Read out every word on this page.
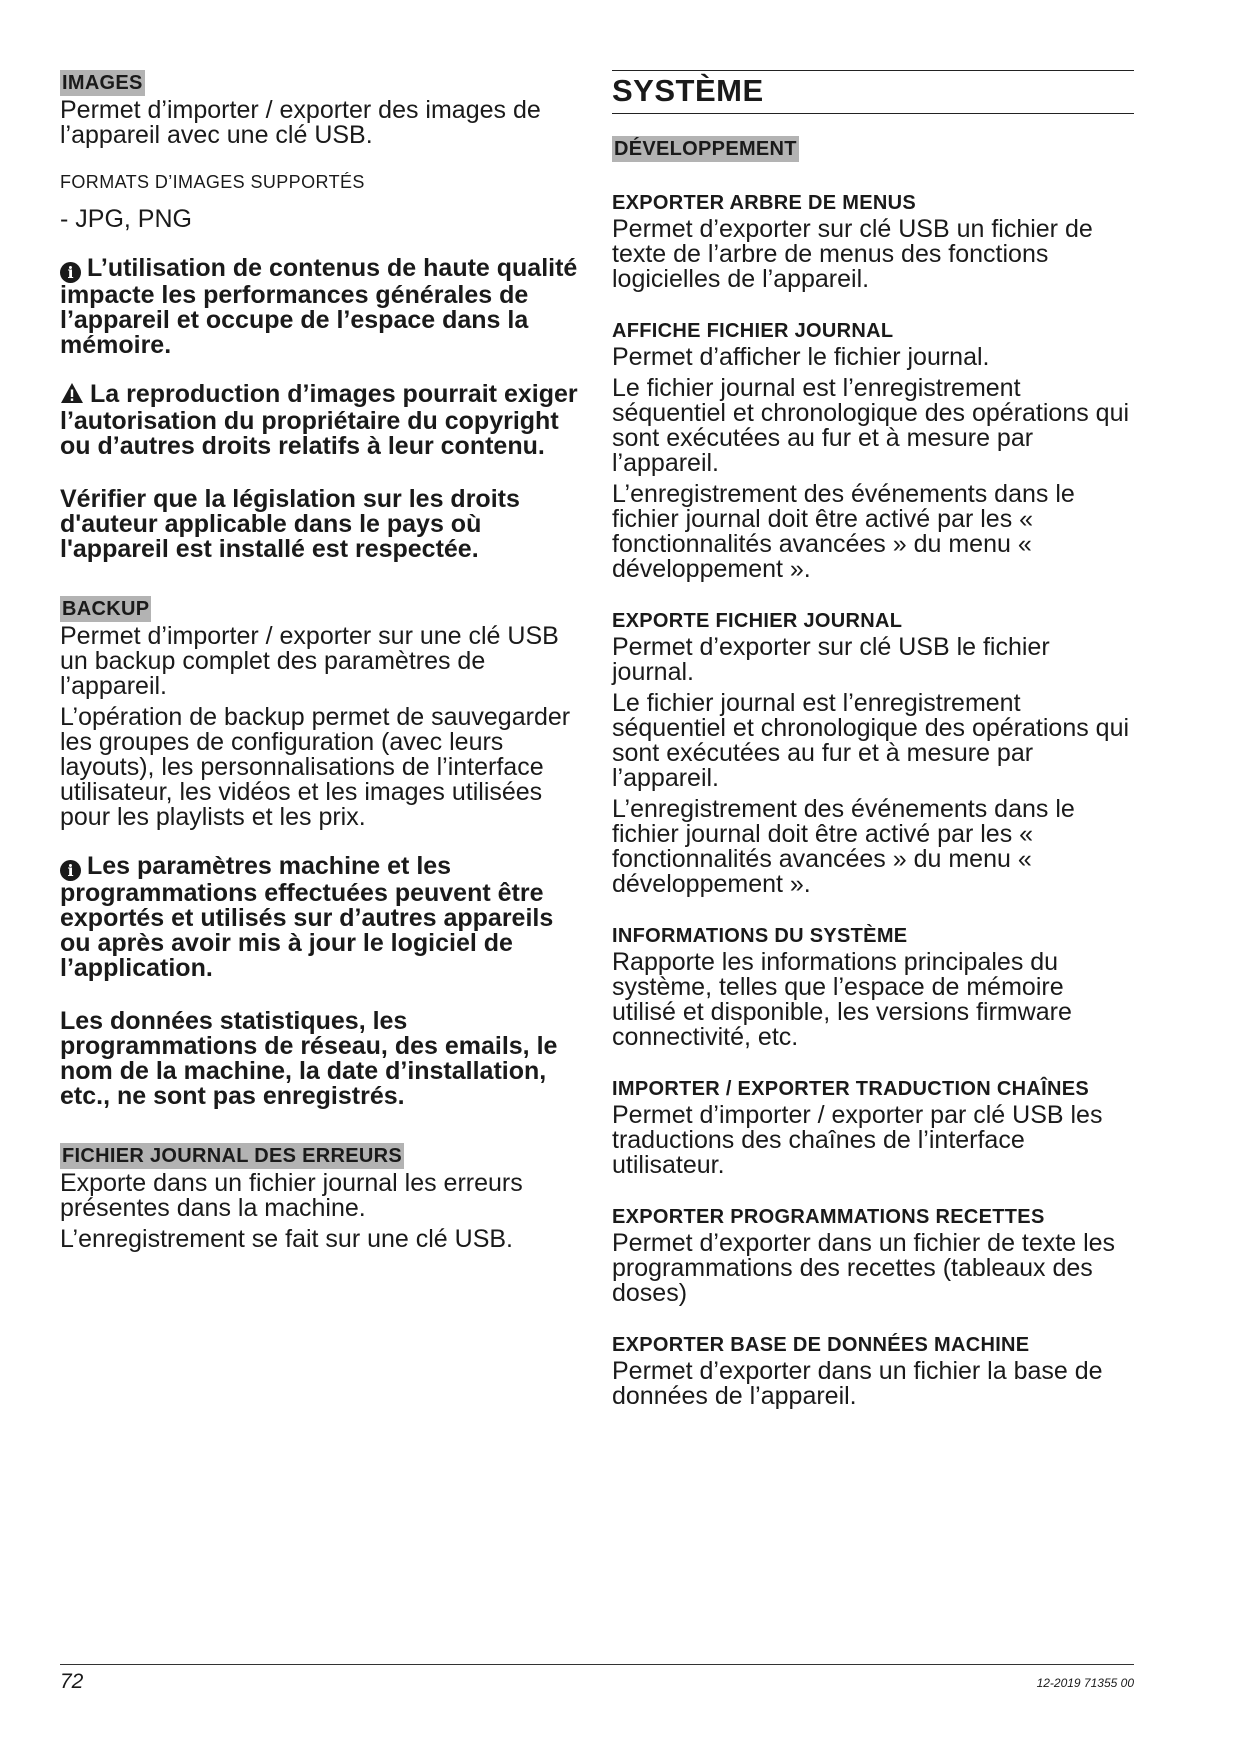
IMAGES

Permet d’importer / exporter des images de l’appareil avec une clé USB.

FORMATS D’IMAGES SUPPORTÉS

- JPG, PNG

i L’utilisation de contenus de haute qualité impacte les performances générales de l’appareil et occupe de l’espace dans la mémoire.
La reproduction d’images pourrait exiger l’autorisation du propriétaire du copyright ou d’autres droits relatifs à leur contenu.

Vérifier que la législation sur les droits d'auteur applicable dans le pays où l'appareil est installé est respectée.

BACKUP

Permet d’importer / exporter sur une clé USB un backup complet des paramètres de l’appareil.

L’opération de backup permet de sauvegarder les groupes de configuration (avec leurs layouts), les personnalisations de l’interface utilisateur, les vidéos et les images utilisées pour les playlists et les prix.

i Les paramètres machine et les programmations effectuées peuvent être exportés et utilisés sur d’autres appareils ou après avoir mis à jour le logiciel de l’application.

Les données statistiques, les programmations de réseau, des emails, le nom de la machine, la date d’installation, etc., ne sont pas enregistrés.

FICHIER JOURNAL DES ERREURS

Exporte dans un fichier journal les erreurs présentes dans la machine.

L’enregistrement se fait sur une clé USB.

SYSTÈME
DÉVELOPPEMENT
EXPORTER ARBRE DE MENUS

Permet d’exporter sur clé USB un fichier de texte de l’arbre de menus des fonctions logicielles de l’appareil.

AFFICHE FICHIER JOURNAL

Permet d’afficher le fichier journal.

Le fichier journal est l’enregistrement séquentiel et chronologique des opérations qui sont exécutées au fur et à mesure par l’appareil.

L’enregistrement des événements dans le fichier journal doit être activé par les « fonctionnalités avancées » du menu « développement ».

EXPORTE FICHIER JOURNAL

Permet d’exporter sur clé USB le fichier journal.

Le fichier journal est l’enregistrement séquentiel et chronologique des opérations qui sont exécutées au fur et à mesure par l’appareil.

L’enregistrement des événements dans le fichier journal doit être activé par les « fonctionnalités avancées » du menu « développement ».

INFORMATIONS DU SYSTÈME

Rapporte les informations principales du système, telles que l’espace de mémoire utilisé et disponible, les versions firmware connectivité, etc.

IMPORTER / EXPORTER TRADUCTION CHAÎNES

Permet d’importer / exporter par clé USB les traductions des chaînes de l’interface utilisateur.

EXPORTER PROGRAMMATIONS RECETTES

Permet d’exporter dans un fichier de texte les programmations des recettes (tableaux des doses)

EXPORTER BASE DE DONNÉES MACHINE

Permet d’exporter dans un fichier la base de données de l’appareil.

72	12-2019 71355 00
